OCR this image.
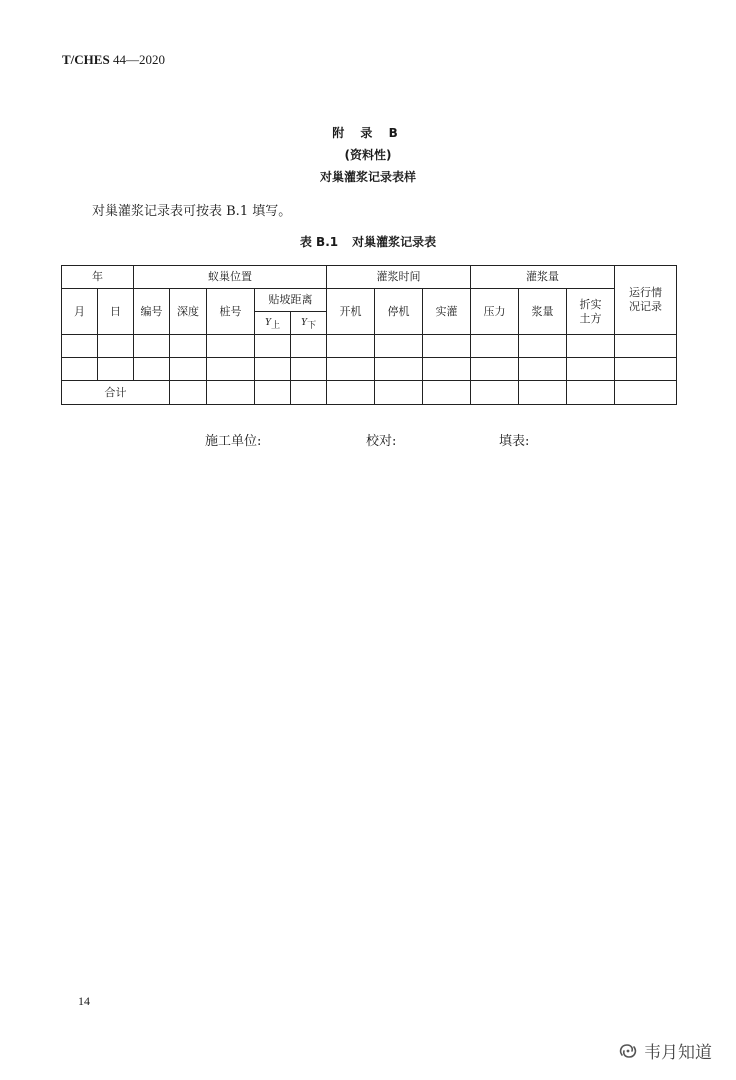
T/CHES 44—2020
附 录 B
(资料性)
对巢灌浆记录表样
对巢灌浆记录表可按表 B.1 填写。
表 B.1 对巢灌浆记录表
年		蚁巢位置					灌浆时间			灌浆量			运行情况记录
月	日	编号	深度	桩号	贴坡距离		开机	停机	实灌	压力	浆量	折实土方	
					$Y_上$	$Y_下$

合计													
施工单位:	校对:	填表:
14
韦月知道
